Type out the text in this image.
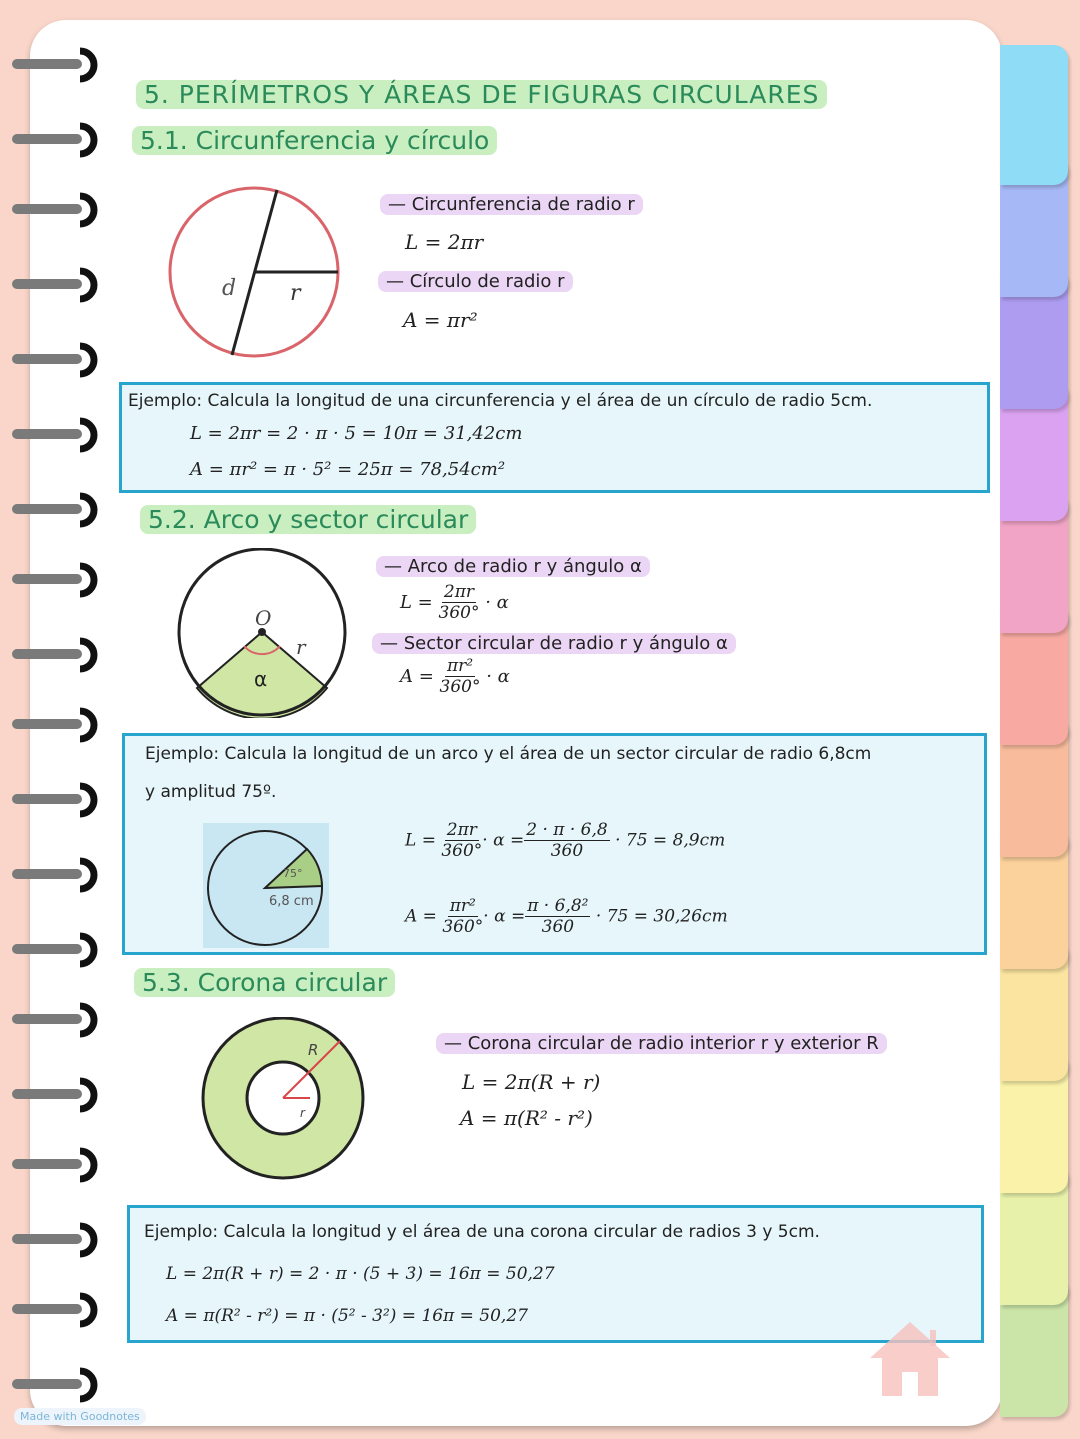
5. PERÍMETROS Y ÁREAS DE FIGURAS CIRCULARES
5.1. Circunferencia y círculo
d r
— Circunferencia de radio r
L = 2πr
— Círculo de radio r
A = πr²
Ejemplo: Calcula la longitud de una circunferencia y el área de un círculo de radio 5cm.
L = 2πr = 2 · π · 5 = 10π = 31,42cm
A = πr² = π · 5² = 25π = 78,54cm²
5.2. Arco y sector circular
O
r
α
— Arco de radio r y ángulo α
$L = \frac{2\pi r}{360^\circ} \cdot \alpha$
— Sector circular de radio r y ángulo α
$A = \frac{\text{πr²}}{360^\circ} \cdot \alpha$
Ejemplo: Calcula la longitud de un arco y el área de un sector circular de radio 6,8cm
y amplitud 75º.
75°
6,8 cm
$L = \frac{2\pi r}{360^\circ} \cdot \alpha = \frac{2 \cdot \pi \cdot 6,8}{360} \cdot 75 = 8,9cm$
$A = \frac{\text{πr²}}{360^\circ} \cdot \alpha = \frac{\text{π · 6,8²}}{360} \cdot 75 = 30,26cm$
5.3. Corona circular
R
r
— Corona circular de radio interior r y exterior R
L = 2π(R + r)
A = π(R² - r²)
Ejemplo: Calcula la longitud y el área de una corona circular de radios 3 y 5cm.
L = 2π(R + r) = 2 · π · (5 + 3) = 16π = 50,27
A = π(R² - r²) = π · (5² - 3²) = 16π = 50,27
Made with Goodnotes
